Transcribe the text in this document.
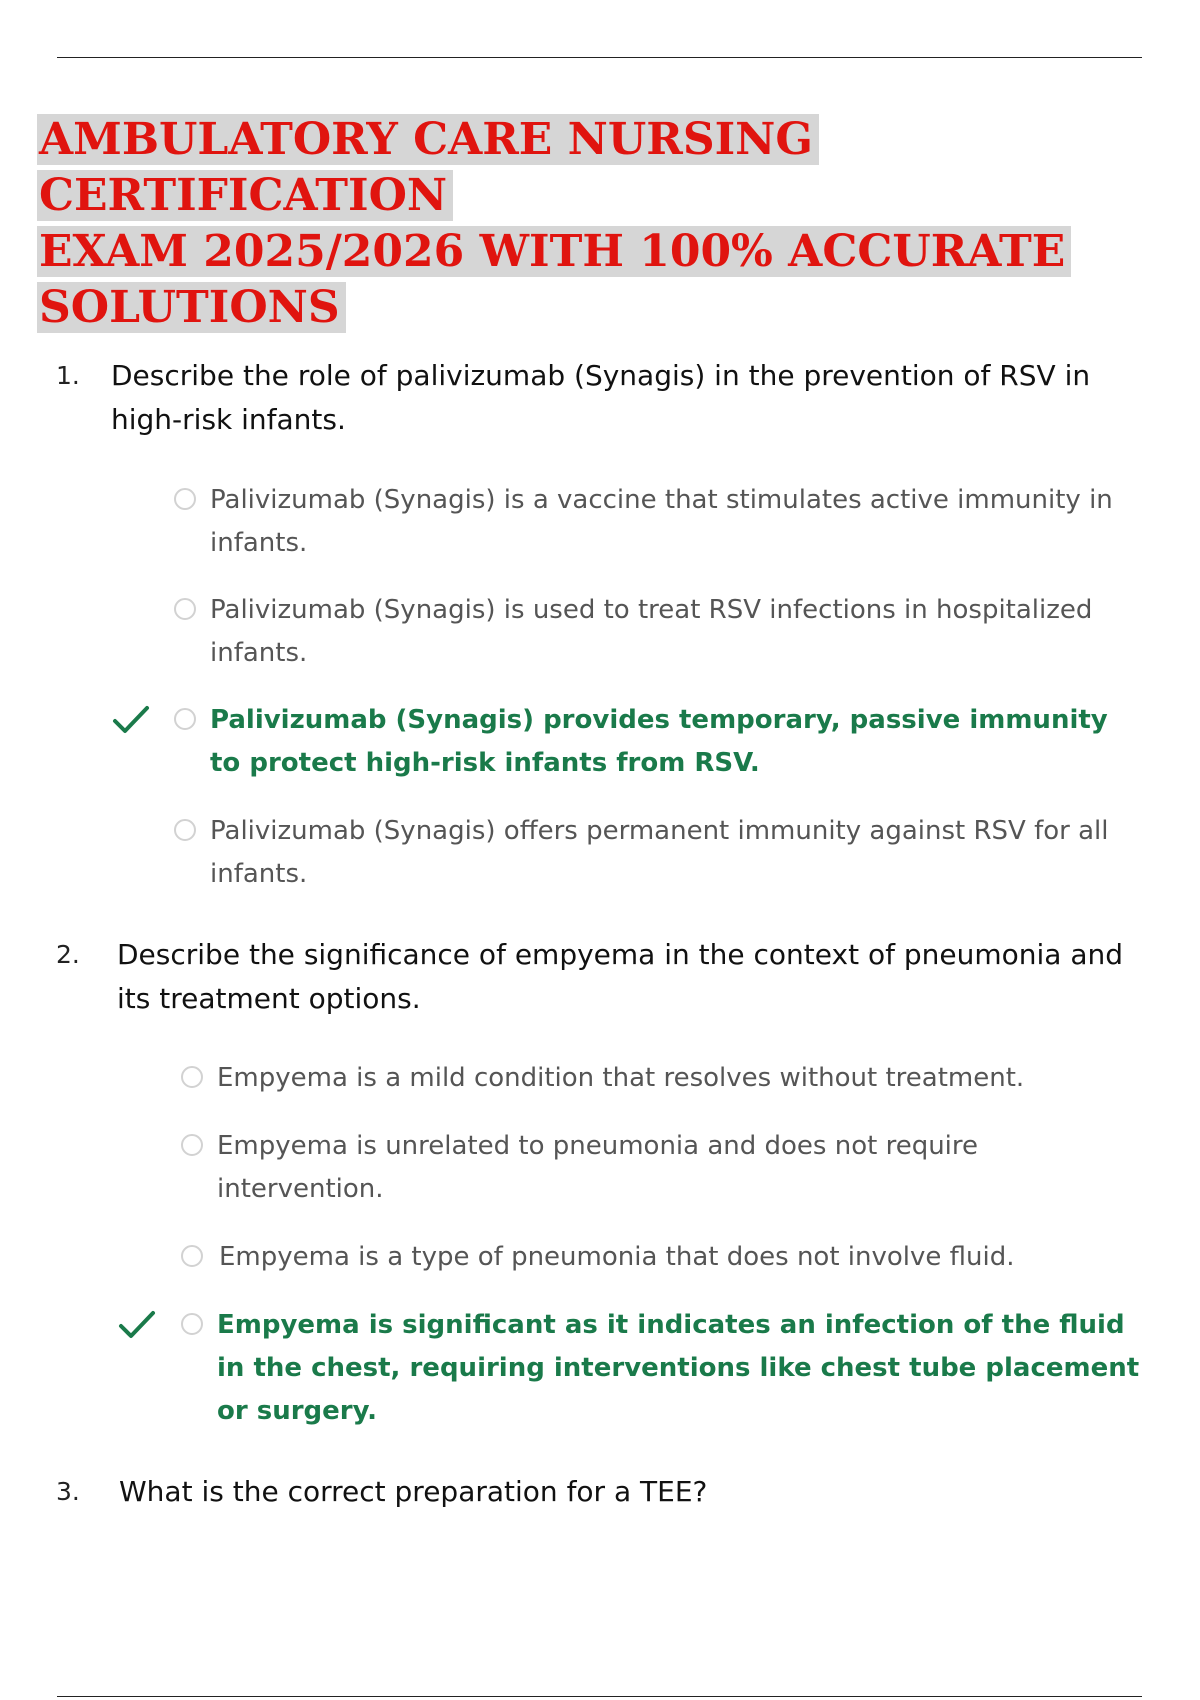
AMBULATORY CARE NURSING CERTIFICATION
EXAM 2025/2026 WITH 100% ACCURATE
SOLUTIONS
1. Describe the role of palivizumab (Synagis) in the prevention of RSV in high-risk infants.
Palivizumab (Synagis) is a vaccine that stimulates active immunity in infants.
Palivizumab (Synagis) is used to treat RSV infections in hospitalized infants.
Palivizumab (Synagis) provides temporary, passive immunity to protect high-risk infants from RSV.
Palivizumab (Synagis) offers permanent immunity against RSV for all infants.
2. Describe the significance of empyema in the context of pneumonia and its treatment options.
Empyema is a mild condition that resolves without treatment.
Empyema is unrelated to pneumonia and does not require intervention.
Empyema is a type of pneumonia that does not involve fluid.
Empyema is significant as it indicates an infection of the fluid in the chest, requiring interventions like chest tube placement or surgery.
3. What is the correct preparation for a TEE?
